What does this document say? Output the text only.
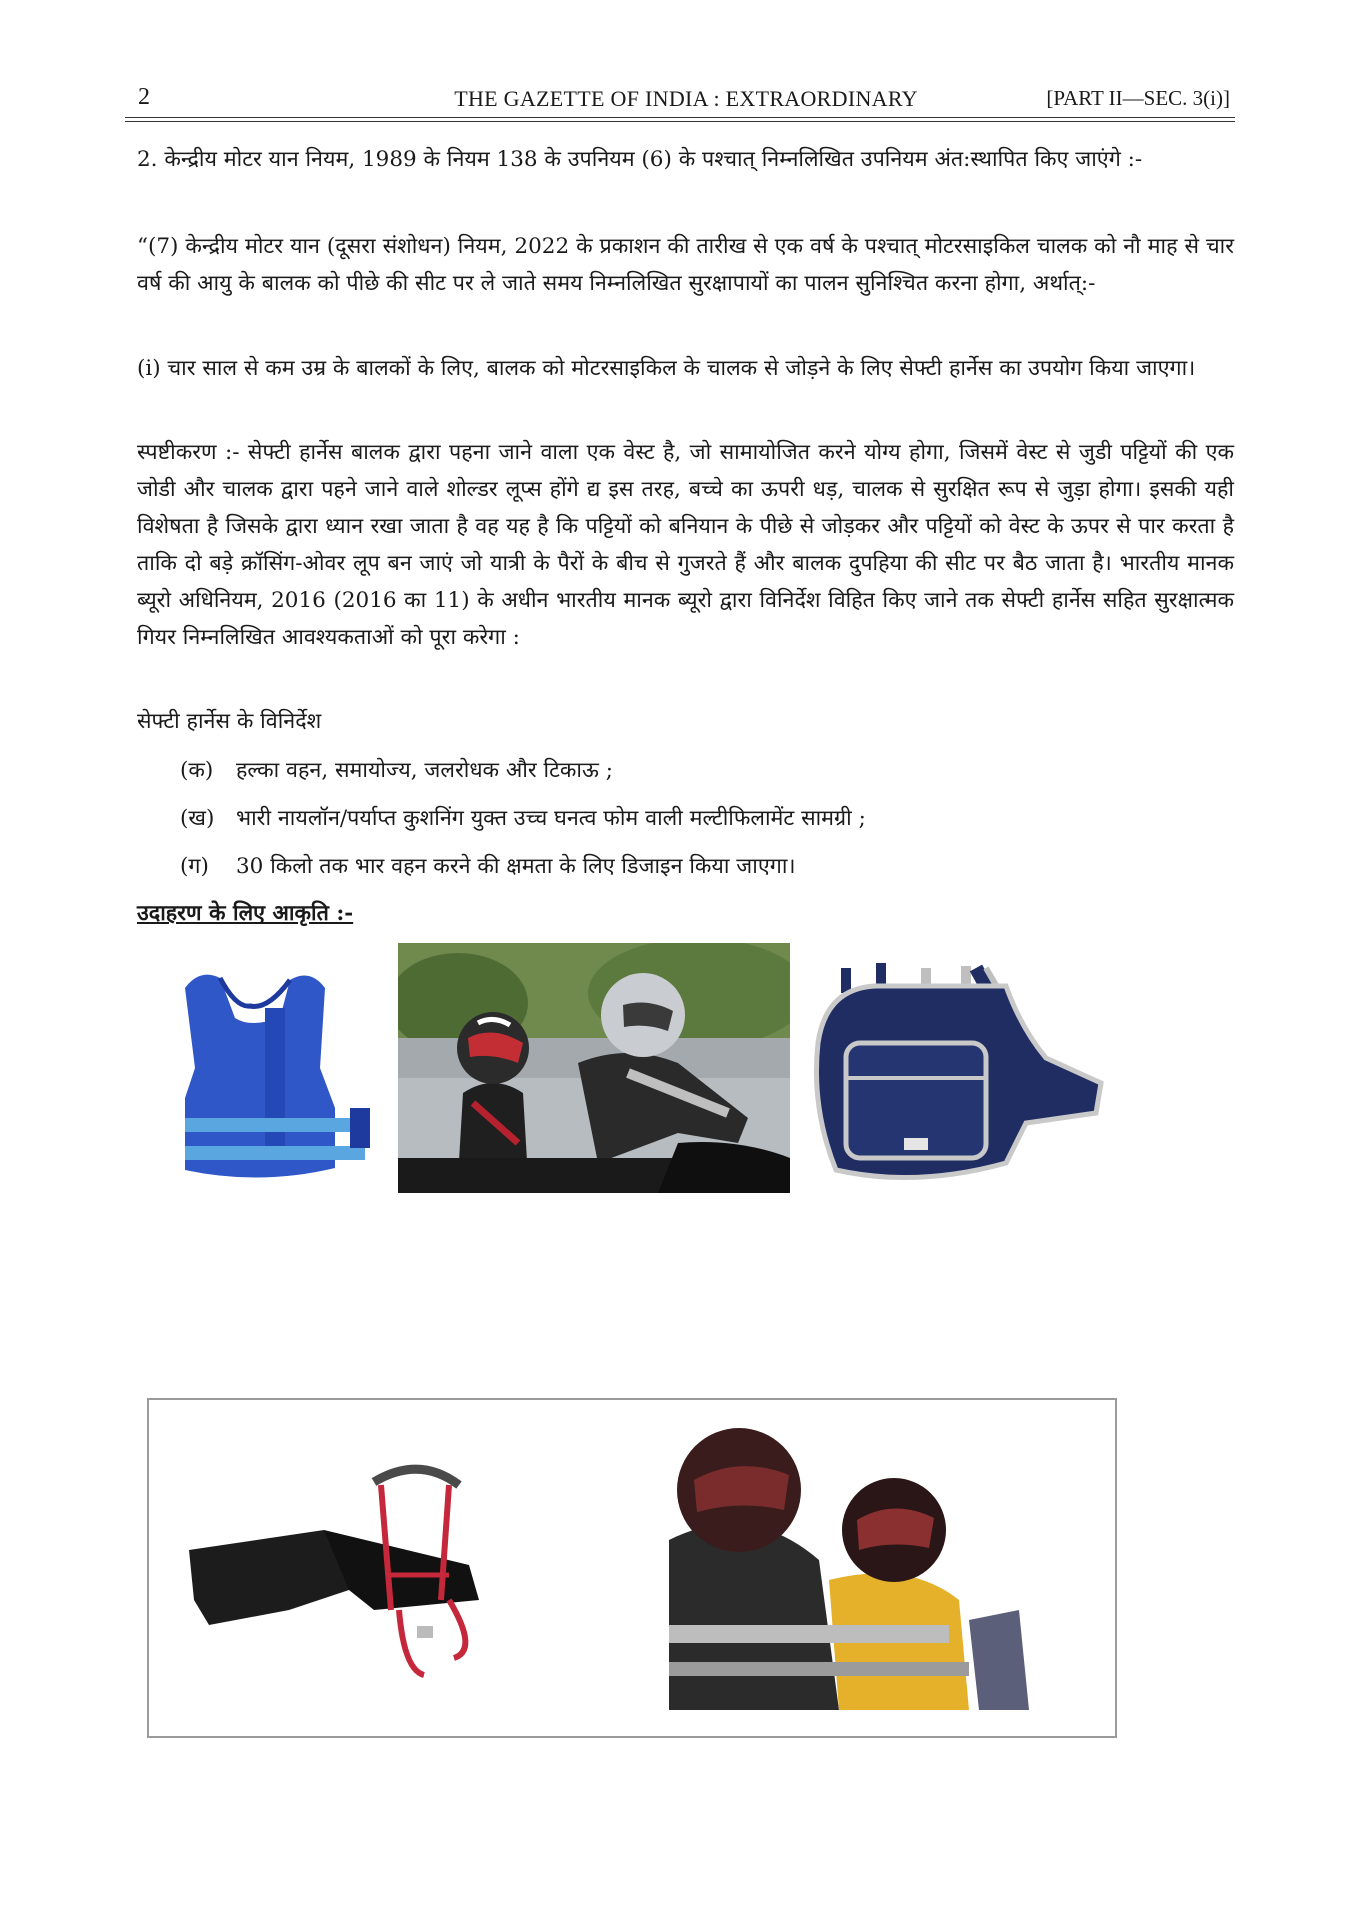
2	THE GAZETTE OF INDIA : EXTRAORDINARY	[PART II—SEC. 3(i)]
2. केन्द्रीय मोटर यान नियम, 1989 के नियम 138 के उपनियम (6) के पश्चात् निम्नलिखित उपनियम अंत:स्थापित किए जाएंगे :-
“(7) केन्द्रीय मोटर यान (दूसरा संशोधन) नियम, 2022 के प्रकाशन की तारीख से एक वर्ष के पश्चात् मोटरसाइकिल चालक को नौ माह से चार वर्ष की आयु के बालक को पीछे की सीट पर ले जाते समय निम्नलिखित सुरक्षापायों का पालन सुनिश्चित करना होगा, अर्थात्:-
(i) चार साल से कम उम्र के बालकों के लिए, बालक को मोटरसाइकिल के चालक से जोड़ने के लिए सेफ्टी हार्नेस का उपयोग किया जाएगा।
स्पष्टीकरण :- सेफ्टी हार्नेस बालक द्वारा पहना जाने वाला एक वेस्ट है, जो सामायोजित करने योग्य होगा, जिसमें वेस्ट से जुडी पट्टियों की एक जोडी और चालक द्वारा पहने जाने वाले शोल्डर लूप्स होंगे द्य इस तरह, बच्चे का ऊपरी धड़, चालक से सुरक्षित रूप से जुड़ा होगा। इसकी यही विशेषता है जिसके द्वारा ध्यान रखा जाता है वह यह है कि पट्टियों को बनियान के पीछे से जोड़कर और पट्टियों को वेस्ट के ऊपर से पार करता है ताकि दो बड़े क्रॉसिंग-ओवर लूप बन जाएं जो यात्री के पैरों के बीच से गुजरते हैं और बालक दुपहिया की सीट पर बैठ जाता है। भारतीय मानक ब्यूरो अधिनियम, 2016 (2016 का 11) के अधीन भारतीय मानक ब्यूरो द्वारा विनिर्देश विहित किए जाने तक सेफ्टी हार्नेस सहित सुरक्षात्मक गियर निम्नलिखित आवश्यकताओं को पूरा करेगा :
सेफ्टी हार्नेस के विनिर्देश
(क) हल्का वहन, समायोज्य, जलरोधक और टिकाऊ ;
(ख) भारी नायलॉन/पर्याप्त कुशनिंग युक्त उच्च घनत्व फोम वाली मल्टीफिलामेंट सामग्री ;
(ग) 30 किलो तक भार वहन करने की क्षमता के लिए डिजाइन किया जाएगा।
उदाहरण के लिए आकृति :-
